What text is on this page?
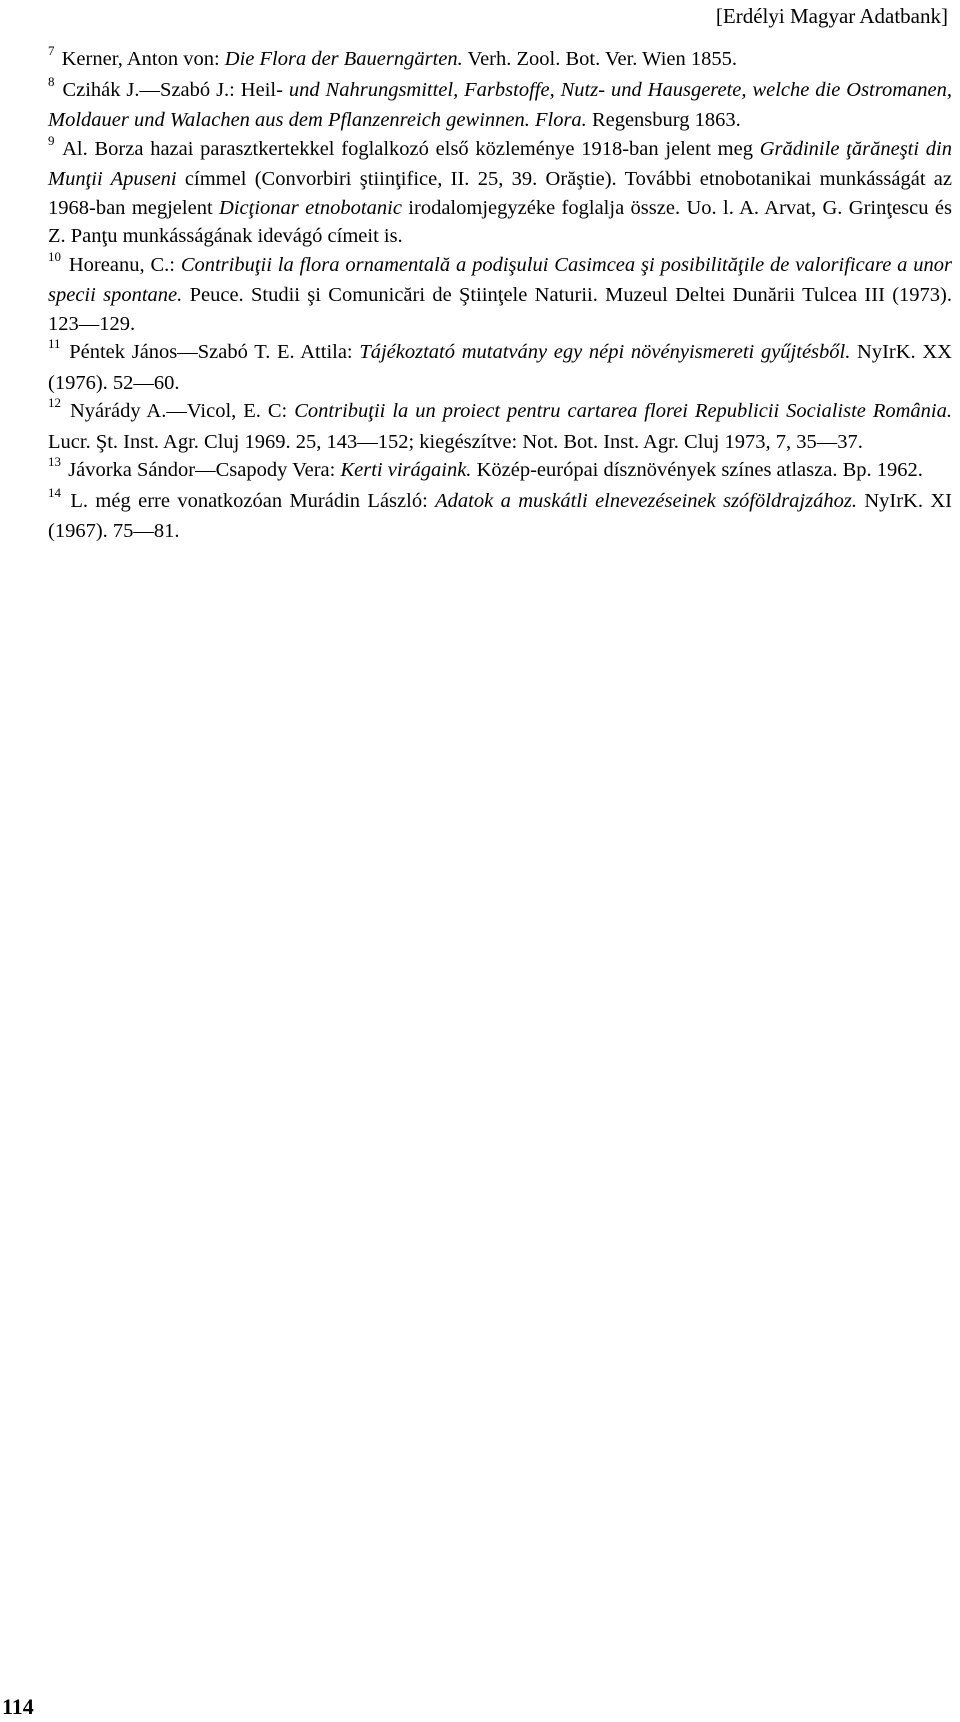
[Erdélyi Magyar Adatbank]

$^7$ Kerner, Anton von: Die Flora der Bauerngärten. Verh. Zool. Bot. Ver. Wien 1855.

$^8$ Czihák J.—Szabó J.: Heil- und Nahrungsmittel, Farbstoffe, Nutz- und Hausgerete, welche die Ostromanen, Moldauer und Walachen aus dem Pflanzenreich gewinnen. Flora. Regensburg 1863.

$^9$ Al. Borza hazai parasztkertekkel foglalkozó első közleménye 1918-ban jelent meg Grădinile ţărăneşti din Munţii Apuseni címmel (Convorbiri ştiinţifice, II. 25, 39. Orăştie). További etnobotanikai munkásságát az 1968-ban megjelent Dicţionar etnobotanic irodalomjegyzéke foglalja össze. Uo. l. A. Arvat, G. Grinţescu és Z. Panţu munkásságának idevágó címeit is.

$^{10}$ Horeanu, C.: Contribuţii la flora ornamentală a podişului Casimcea şi posibilităţile de valorificare a unor specii spontane. Peuce. Studii şi Comunicări de Ştiinţele Naturii. Muzeul Deltei Dunării Tulcea III (1973). 123—129.

$^{11}$ Péntek János—Szabó T. E. Attila: Tájékoztató mutatvány egy népi növényismereti gyűjtésből. NyIrK. XX (1976). 52—60.

$^{12}$ Nyárády A.—Vicol, E. C: Contribuţii la un proiect pentru cartarea florei Republicii Socialiste România. Lucr. Şt. Inst. Agr. Cluj 1969. 25, 143—152; kiegészítve: Not. Bot. Inst. Agr. Cluj 1973, 7, 35—37.

$^{13}$ Jávorka Sándor—Csapody Vera: Kerti virágaink. Közép-európai dísznövények színes atlasza. Bp. 1962.

$^{14}$ L. még erre vonatkozóan Murádin László: Adatok a muskátli elnevezéseinek szóföldrajzához. NyIrK. XI (1967). 75—81.

114
